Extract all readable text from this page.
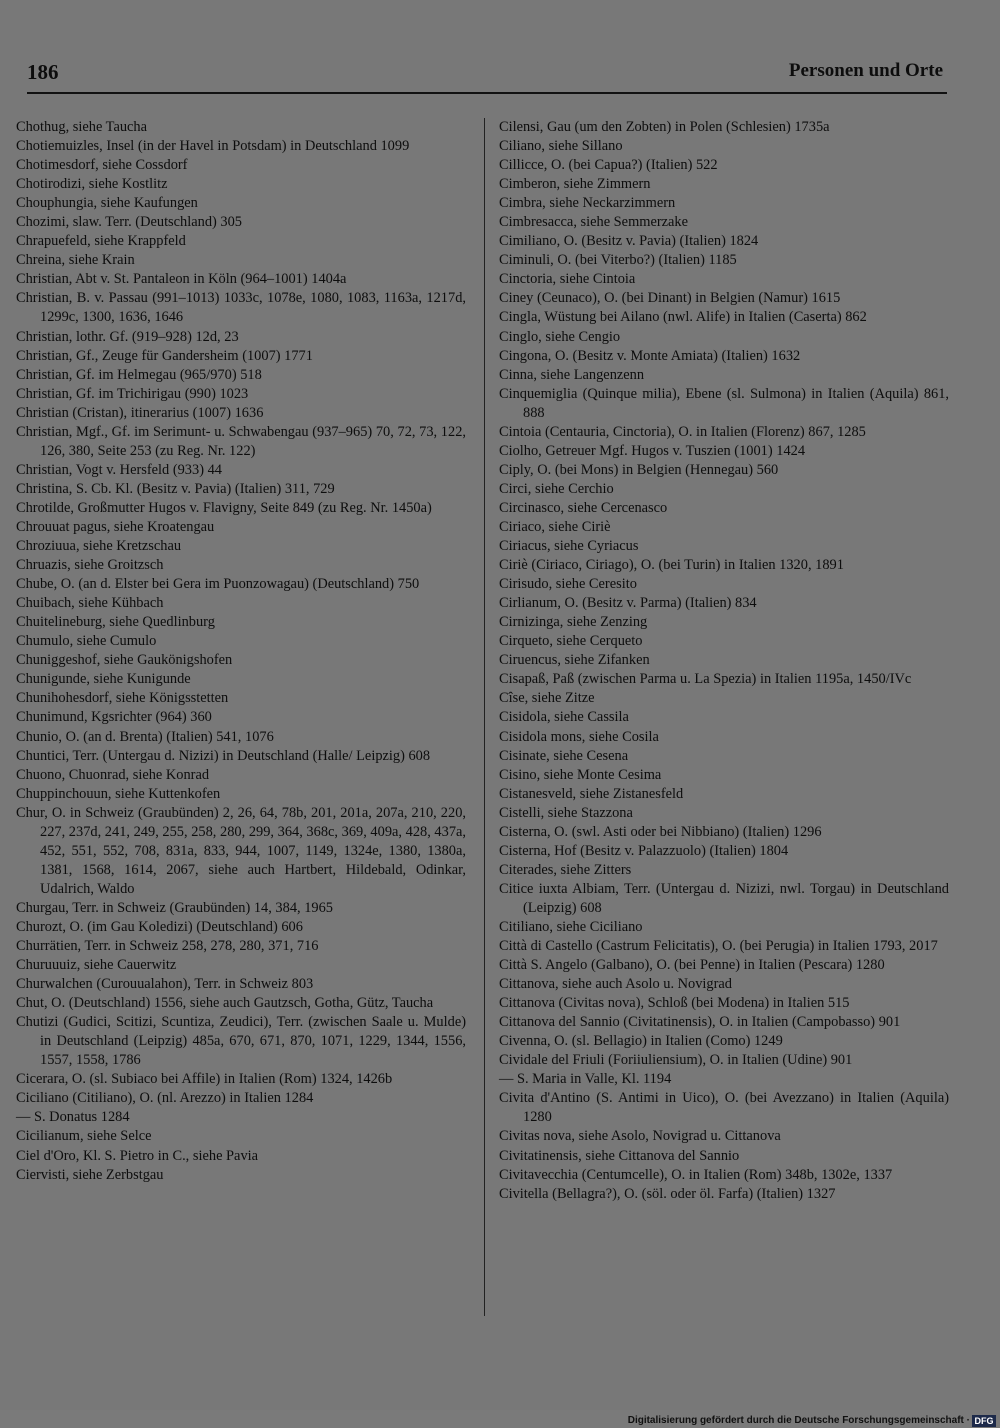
186	Personen und Orte
Chothug, siehe Taucha
Chotiemuizles, Insel (in der Havel in Potsdam) in Deutschland 1099
Chotimesdorf, siehe Cossdorf
Chotirodizi, siehe Kostlitz
Chouphungia, siehe Kaufungen
Chozimi, slaw. Terr. (Deutschland) 305
Chrapuefeld, siehe Krappfeld
Chreina, siehe Krain
Christian, Abt v. St. Pantaleon in Köln (964–1001) 1404a
Christian, B. v. Passau (991–1013) 1033c, 1078e, 1080, 1083, 1163a, 1217d, 1299c, 1300, 1636, 1646
Christian, lothr. Gf. (919–928) 12d, 23
Christian, Gf., Zeuge für Gandersheim (1007) 1771
Christian, Gf. im Helmegau (965/970) 518
Christian, Gf. im Trichirigau (990) 1023
Christian (Cristan), itinerarius (1007) 1636
Christian, Mgf., Gf. im Serimunt- u. Schwabengau (937–965) 70, 72, 73, 122, 126, 380, Seite 253 (zu Reg. Nr. 122)
Christian, Vogt v. Hersfeld (933) 44
Christina, S. Cb. Kl. (Besitz v. Pavia) (Italien) 311, 729
Chrotilde, Großmutter Hugos v. Flavigny, Seite 849 (zu Reg. Nr. 1450a)
Chrouuat pagus, siehe Kroatengau
Chroziuua, siehe Kretzschau
Chruazis, siehe Groitzsch
Chube, O. (an d. Elster bei Gera im Puonzowagau) (Deutschland) 750
Chuibach, siehe Kühbach
Chuitelineburg, siehe Quedlinburg
Chumulo, siehe Cumulo
Chuniggeshof, siehe Gaukönigshofen
Chunigunde, siehe Kunigunde
Chunihohesdorf, siehe Königsstetten
Chunimund, Kgsrichter (964) 360
Chunio, O. (an d. Brenta) (Italien) 541, 1076
Chuntici, Terr. (Untergau d. Nizizi) in Deutschland (Halle/ Leipzig) 608
Chuono, Chuonrad, siehe Konrad
Chuppinchouun, siehe Kuttenkofen
Chur, O. in Schweiz (Graubünden) 2, 26, 64, 78b, 201, 201a, 207a, 210, 220, 227, 237d, 241, 249, 255, 258, 280, 299, 364, 368c, 369, 409a, 428, 437a, 452, 551, 552, 708, 831a, 833, 944, 1007, 1149, 1324e, 1380, 1380a, 1381, 1568, 1614, 2067, siehe auch Hartbert, Hildebald, Odinkar, Udalrich, Waldo
Churgau, Terr. in Schweiz (Graubünden) 14, 384, 1965
Churozt, O. (im Gau Koledizi) (Deutschland) 606
Churrätien, Terr. in Schweiz 258, 278, 280, 371, 716
Churuuuiz, siehe Cauerwitz
Churwalchen (Curouualahon), Terr. in Schweiz 803
Chut, O. (Deutschland) 1556, siehe auch Gautzsch, Gotha, Gütz, Taucha
Chutizi (Gudici, Scitizi, Scuntiza, Zeudici), Terr. (zwischen Saale u. Mulde) in Deutschland (Leipzig) 485a, 670, 671, 870, 1071, 1229, 1344, 1556, 1557, 1558, 1786
Cicerara, O. (sl. Subiaco bei Affile) in Italien (Rom) 1324, 1426b
Ciciliano (Citiliano), O. (nl. Arezzo) in Italien 1284
— S. Donatus 1284
Cicilianum, siehe Selce
Ciel d'Oro, Kl. S. Pietro in C., siehe Pavia
Ciervisti, siehe Zerbstgau
Cilensi, Gau (um den Zobten) in Polen (Schlesien) 1735a
Ciliano, siehe Sillano
Cillicce, O. (bei Capua?) (Italien) 522
Cimberon, siehe Zimmern
Cimbra, siehe Neckarzimmern
Cimbresacca, siehe Semmerzake
Cimiliano, O. (Besitz v. Pavia) (Italien) 1824
Ciminuli, O. (bei Viterbo?) (Italien) 1185
Cinctoria, siehe Cintoia
Ciney (Ceunaco), O. (bei Dinant) in Belgien (Namur) 1615
Cingla, Wüstung bei Ailano (nwl. Alife) in Italien (Caserta) 862
Cinglo, siehe Cengio
Cingona, O. (Besitz v. Monte Amiata) (Italien) 1632
Cinna, siehe Langenzenn
Cinquemiglia (Quinque milia), Ebene (sl. Sulmona) in Italien (Aquila) 861, 888
Cintoia (Centauria, Cinctoria), O. in Italien (Florenz) 867, 1285
Ciolho, Getreuer Mgf. Hugos v. Tuszien (1001) 1424
Ciply, O. (bei Mons) in Belgien (Hennegau) 560
Circi, siehe Cerchio
Circinasco, siehe Cercenasco
Ciriaco, siehe Ciriè
Ciriacus, siehe Cyriacus
Ciriè (Ciriaco, Ciriago), O. (bei Turin) in Italien 1320, 1891
Cirisudo, siehe Ceresito
Cirlianum, O. (Besitz v. Parma) (Italien) 834
Cirnizinga, siehe Zenzing
Cirqueto, siehe Cerqueto
Ciruencus, siehe Zifanken
Cisapaß, Paß (zwischen Parma u. La Spezia) in Italien 1195a, 1450/IVc
Cîse, siehe Zitze
Cisidola, siehe Cassila
Cisidola mons, siehe Cosila
Cisinate, siehe Cesena
Cisino, siehe Monte Cesima
Cistanesveld, siehe Zistanesfeld
Cistelli, siehe Stazzona
Cisterna, O. (swl. Asti oder bei Nibbiano) (Italien) 1296
Cisterna, Hof (Besitz v. Palazzuolo) (Italien) 1804
Citerades, siehe Zitters
Citice iuxta Albiam, Terr. (Untergau d. Nizizi, nwl. Torgau) in Deutschland (Leipzig) 608
Citiliano, siehe Ciciliano
Città di Castello (Castrum Felicitatis), O. (bei Perugia) in Italien 1793, 2017
Città S. Angelo (Galbano), O. (bei Penne) in Italien (Pescara) 1280
Cittanova, siehe auch Asolo u. Novigrad
Cittanova (Civitas nova), Schloß (bei Modena) in Italien 515
Cittanova del Sannio (Civitatinensis), O. in Italien (Campobasso) 901
Civenna, O. (sl. Bellagio) in Italien (Como) 1249
Cividale del Friuli (Foriiuliensium), O. in Italien (Udine) 901
— S. Maria in Valle, Kl. 1194
Civita d'Antino (S. Antimi in Uico), O. (bei Avezzano) in Italien (Aquila) 1280
Civitas nova, siehe Asolo, Novigrad u. Cittanova
Civitatinensis, siehe Cittanova del Sannio
Civitavecchia (Centumcelle), O. in Italien (Rom) 348b, 1302e, 1337
Civitella (Bellagra?), O. (söl. oder öl. Farfa) (Italien) 1327
Digitalisierung gefördert durch die Deutsche Forschungsgemeinschaft · DFG
